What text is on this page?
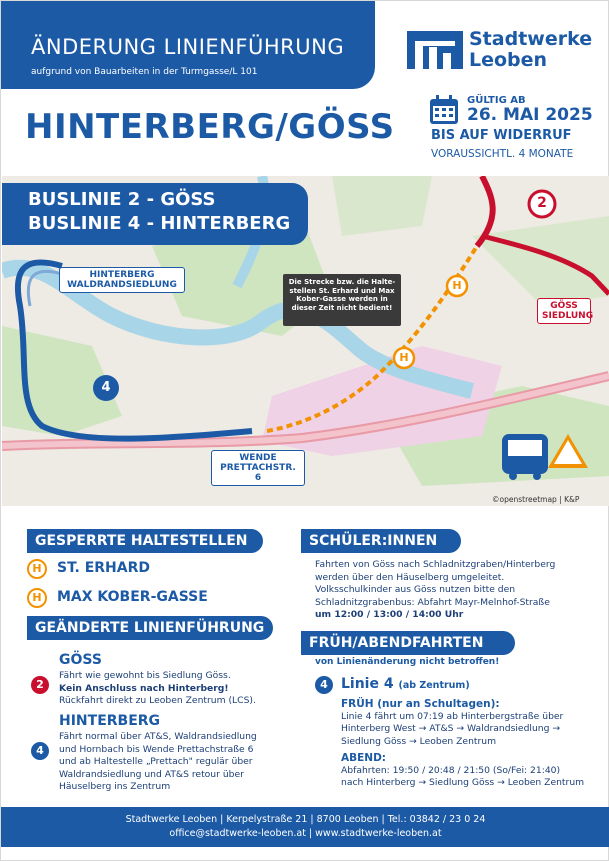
ÄNDERUNG LINIENFÜHRUNG
aufgrund von Bauarbeiten in der Turmgasse/L 101
Stadtwerke
Leoben
HINTERBERG/GÖSS
GÜLTIG AB
26. MAI 2025
BIS AUF WIDERRUF
VORAUSSICHTL. 4 MONATE
4
2
H
H
©openstreetmap | K&P
BUSLINIE 2 - GÖSS
BUSLINIE 4 - HINTERBERG
HINTERBERG
WALDRANDSIEDLUNG
WENDE
PRETTACHSTR. 6
GÖSS
SIEDLUNG
Die Strecke bzw. die Halte-stellen St. Erhard und Max Kober-Gasse werden in dieser Zeit nicht bedient!
GESPERRTE HALTESTELLEN
H	ST. ERHARD
H	MAX KOBER-GASSE
GEÄNDERTE LINIENFÜHRUNG
GÖSS
2
Fährt wie gewohnt bis Siedlung Göss.
Kein Anschluss nach Hinterberg!
Rückfahrt direkt zu Leoben Zentrum (LCS).
HINTERBERG
4
Fährt normal über AT&S, Waldrandsiedlung
und Hornbach bis Wende Prettachstraße 6
und ab Haltestelle „Prettach" regulär über
Waldrandsiedlung und AT&S retour über
Häuselberg ins Zentrum
SCHÜLER:INNEN
Fahrten von Göss nach Schladnitzgraben/Hinterberg
werden über den Häuselberg umgeleitet.
Volksschulkinder aus Göss nutzen bitte den
Schladnitzgrabenbus: Abfahrt Mayr-Melnhof-Straße
um 12:00 / 13:00 / 14:00 Uhr
FRÜH/ABENDFAHRTEN
von Linienänderung nicht betroffen!
4 Linie 4 (ab Zentrum)
FRÜH (nur an Schultagen):
Linie 4 fährt um 07:19 ab Hinterbergstraße über
Hinterberg West → AT&S → Waldrandsiedlung →
Siedlung Göss → Leoben Zentrum
ABEND:
Abfahrten: 19:50 / 20:48 / 21:50 (So/Fei: 21:40)
nach Hinterberg → Siedlung Göss → Leoben Zentrum
Stadtwerke Leoben | Kerpelystraße 21 | 8700 Leoben | Tel.: 03842 / 23 0 24
office@stadtwerke-leoben.at | www.stadtwerke-leoben.at
